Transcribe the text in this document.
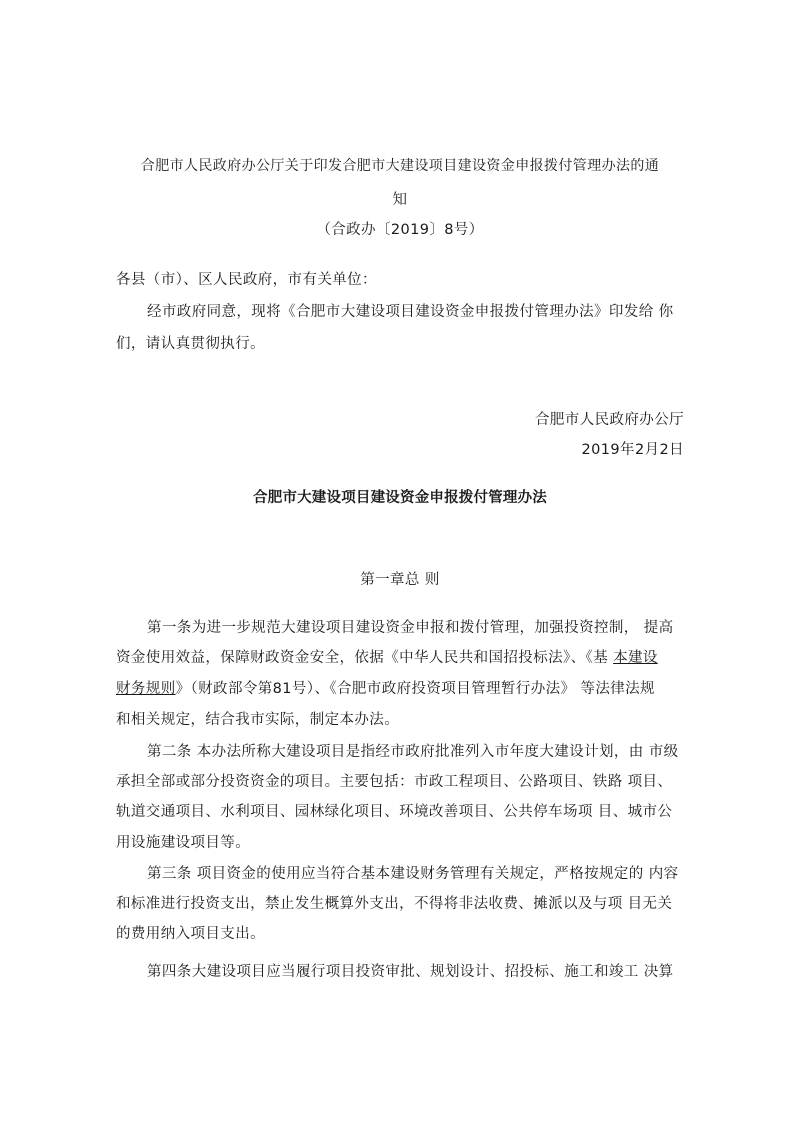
合肥市人民政府办公厅关于印发合肥市大建设项目建设资金申报拨付管理办法的通
知
（合政办〔2019〕8号）
各县（市）、区人民政府，市有关单位：
经市政府同意，现将《合肥市大建设项目建设资金申报拨付管理办法》印发给 你
们，请认真贯彻执行。
合肥市人民政府办公厅
2019年2月2日
合肥市大建设项目建设资金申报拨付管理办法
第一章总 则
第一条为进一步规范大建设项目建设资金申报和拨付管理，加强投资控制， 提高
资金使用效益，保障财政资金安全，依据《中华人民共和国招投标法》、《基 本建设
财务规则》（财政部令第81号）、《合肥市政府投资项目管理暂行办法》 等法律法规
和相关规定，结合我市实际，制定本办法。
第二条 本办法所称大建设项目是指经市政府批准列入市年度大建设计划，由 市级
承担全部或部分投资资金的项目。主要包括：市政工程项目、公路项目、铁路 项目、
轨道交通项目、水利项目、园林绿化项目、环境改善项目、公共停车场项 目、城市公
用设施建设项目等。
第三条 项目资金的使用应当符合基本建设财务管理有关规定，严格按规定的 内容
和标准进行投资支出，禁止发生概算外支出，不得将非法收费、摊派以及与项 目无关
的费用纳入项目支出。
第四条大建设项目应当履行项目投资审批、规划设计、招投标、施工和竣工 决算
